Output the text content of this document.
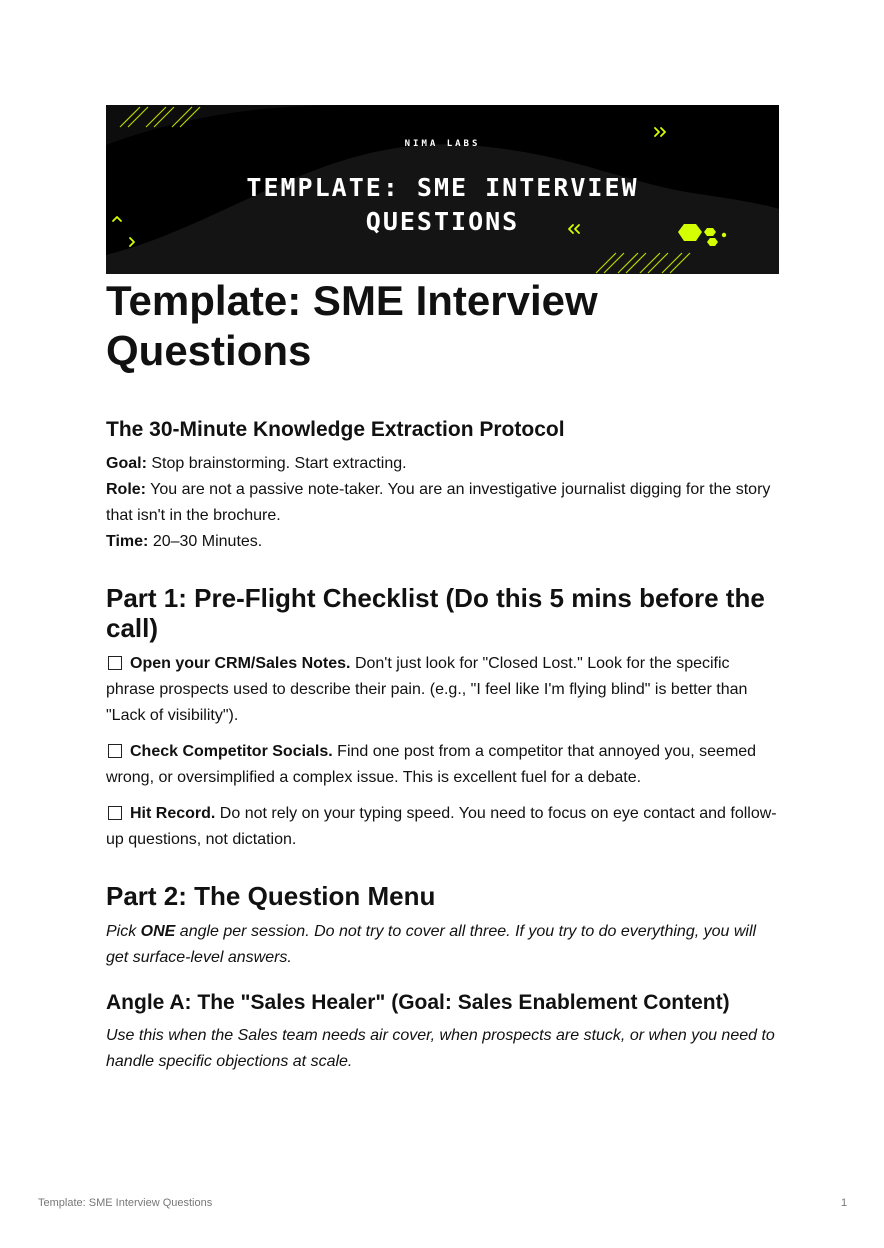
NIMA LABS
TEMPLATE: SME INTERVIEW
QUESTIONS
Template: SME Interview Questions
The 30-Minute Knowledge Extraction Protocol

Goal: Stop brainstorming. Start extracting.

Role: You are not a passive note-taker. You are an investigative journalist digging for the story that isn't in the brochure.

Time: 20–30 Minutes.

Part 1: Pre-Flight Checklist (Do this 5 mins before the call)

Open your CRM/Sales Notes. Don't just look for "Closed Lost." Look for the specific phrase prospects used to describe their pain. (e.g., "I feel like I'm flying blind" is better than "Lack of visibility").

Check Competitor Socials. Find one post from a competitor that annoyed you, seemed wrong, or oversimplified a complex issue. This is excellent fuel for a debate.

Hit Record. Do not rely on your typing speed. You need to focus on eye contact and follow-up questions, not dictation.

Part 2: The Question Menu

Pick ONE angle per session. Do not try to cover all three. If you try to do everything, you will get surface-level answers.

Angle A: The "Sales Healer" (Goal: Sales Enablement Content)

Use this when the Sales team needs air cover, when prospects are stuck, or when you need to handle specific objections at scale.

Template: SME Interview Questions	1
